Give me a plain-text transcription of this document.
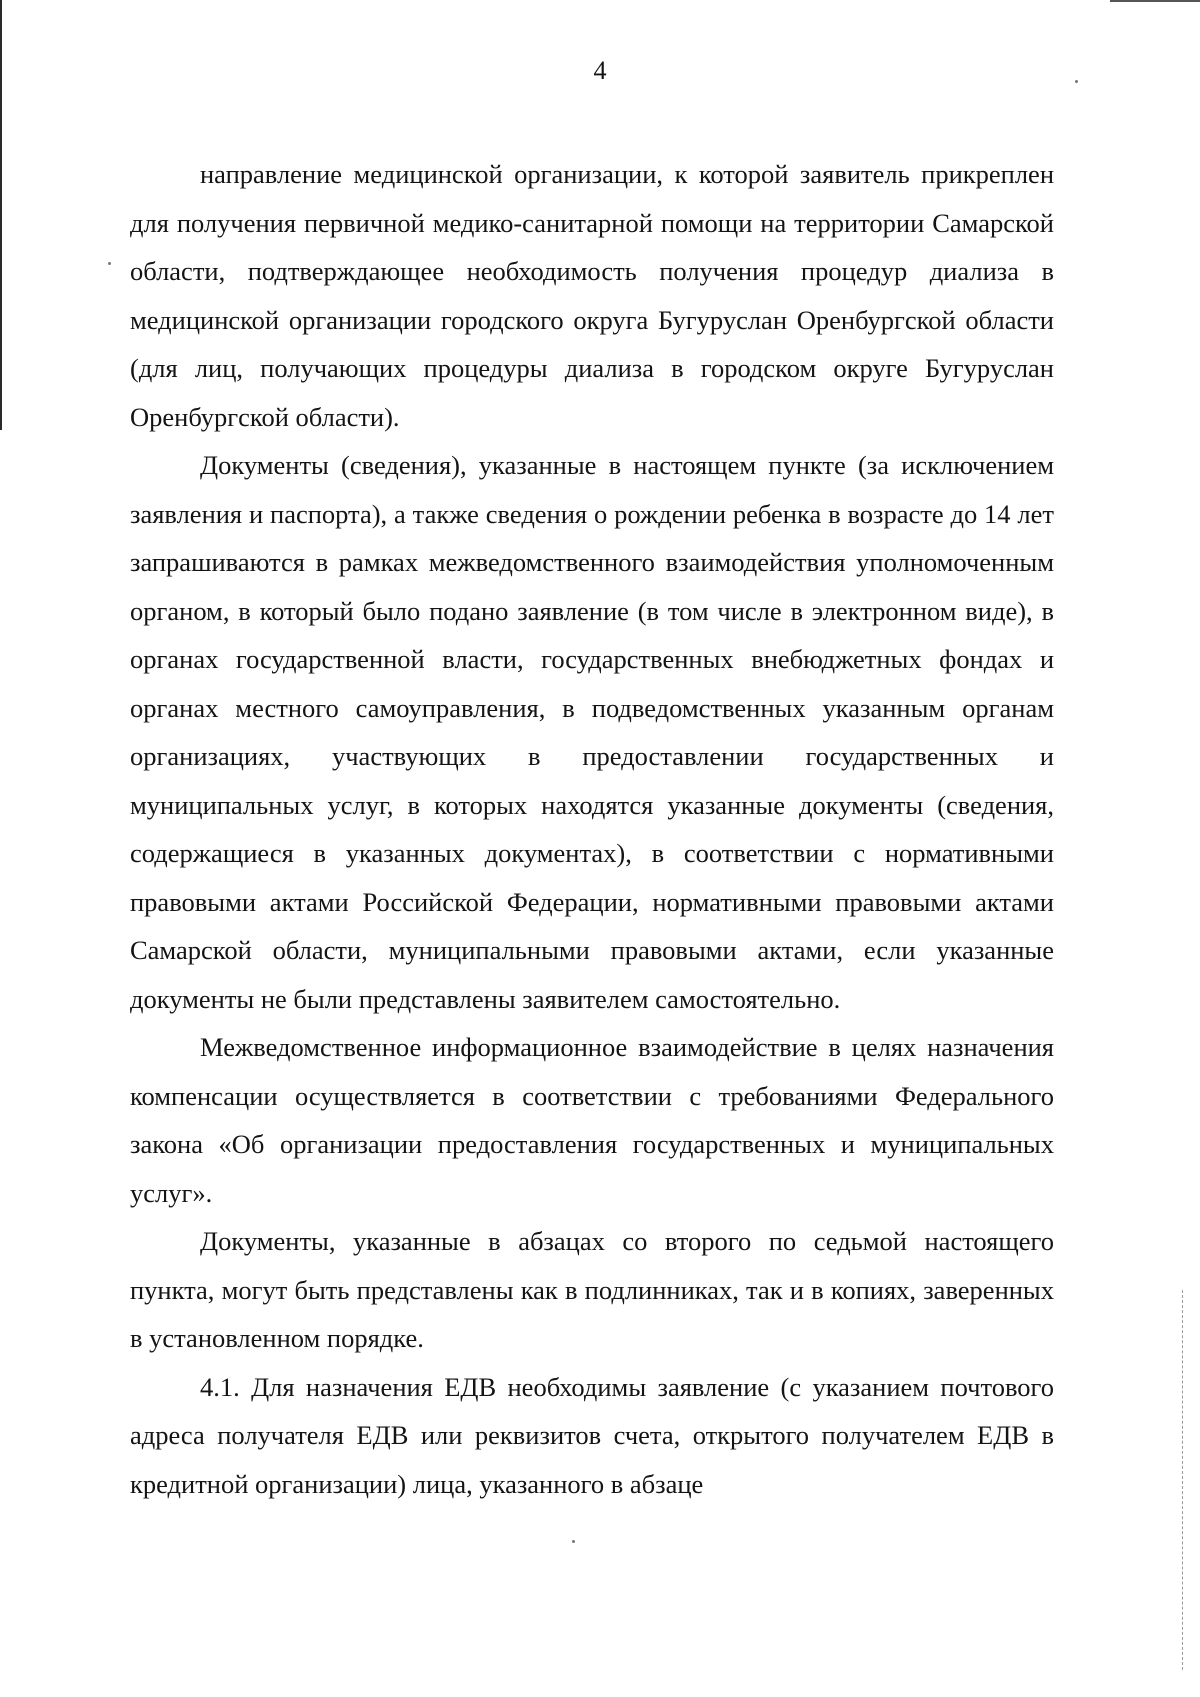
4

направление медицинской организации, к которой заявитель прикреплен для получения первичной медико-санитарной помощи на территории Самарской области, подтверждающее необходимость получения процедур диализа в медицинской организации городского округа Бугуруслан Оренбургской области (для лиц, получающих процедуры диализа в городском округе Бугуруслан Оренбургской области).

Документы (сведения), указанные в настоящем пункте (за исключением заявления и паспорта), а также сведения о рождении ребенка в возрасте до 14 лет запрашиваются в рамках межведомственного взаимодействия уполномоченным органом, в который было подано заявление (в том числе в электронном виде), в органах государственной власти, государственных внебюджетных фондах и органах местного самоуправления, в подведомственных указанным органам организациях, участвующих в предоставлении государственных и муниципальных услуг, в которых находятся указанные документы (сведения, содержащиеся в указанных документах), в соответствии с нормативными правовыми актами Российской Федерации, нормативными правовыми актами Самарской области, муниципальными правовыми актами, если указанные документы не были представлены заявителем самостоятельно.

Межведомственное информационное взаимодействие в целях назначения компенсации осуществляется в соответствии с требованиями Федерального закона «Об организации предоставления государственных и муниципальных услуг».

Документы, указанные в абзацах со второго по седьмой настоящего пункта, могут быть представлены как в подлинниках, так и в копиях, заверенных в установленном порядке.

4.1. Для назначения ЕДВ необходимы заявление (с указанием почтового адреса получателя ЕДВ или реквизитов счета, открытого получателем ЕДВ в кредитной организации) лица, указанного в абзаце
